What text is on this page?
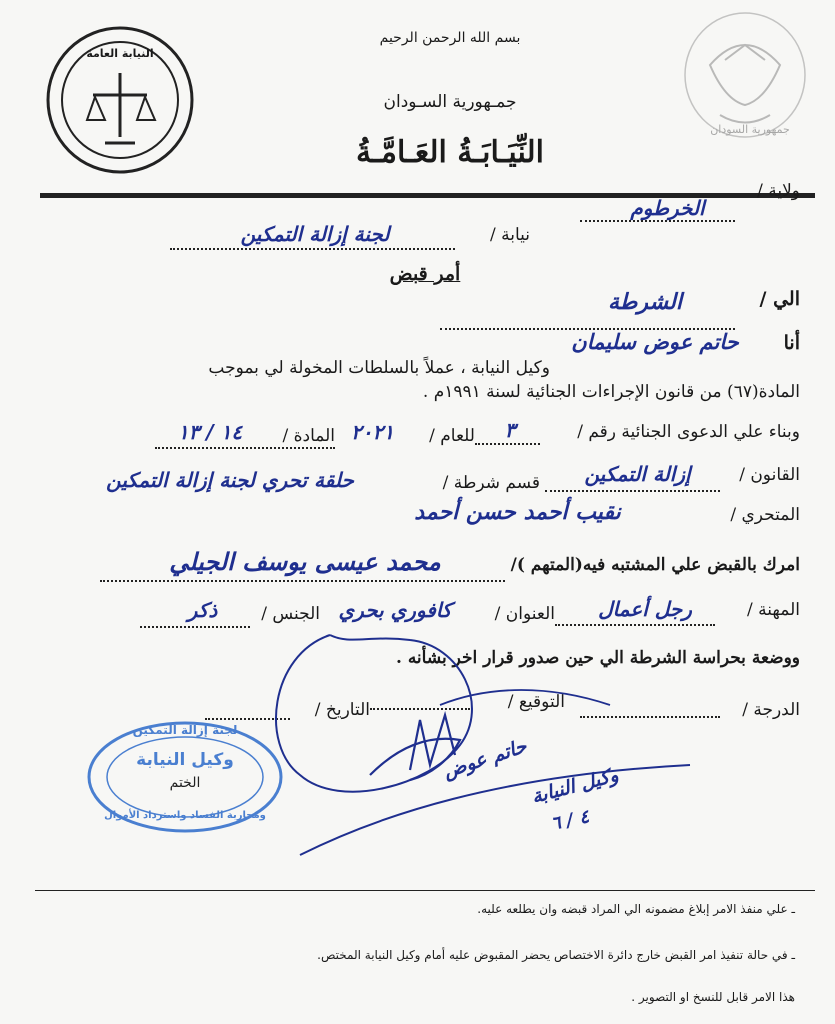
النيابة العامة
جمهورية السودان
بسم الله الرحمن الرحيم
جمـهورية السـودان
النِّيَـابَـةُ العَـامَّـةُ
ولاية /
الخرطوم
نيابة /
لجنة إزالة التمكين
أمر قبض
الي /
الشرطة
أنا
حاتم عوض سليمان
وكيل النيابة ، عملاً بالسلطات المخولة لي بموجب
المادة(٦٧) من قانون الإجراءات الجنائية لسنة ١٩٩١م .
وبناء علي الدعوى الجنائية رقم /
٣
للعام /
٢٠٢١
المادة /
١٤ / ١٣
القانون /
إزالة التمكين
قسم شرطة /
حلقة تحري لجنة إزالة التمكين
المتحري /
نقيب أحمد حسن أحمد
امرك بالقبض علي المشتبه فيه(المتهم )/
محمد عيسى يوسف الجيلي
المهنة /
رجل أعمال
العنوان /
كافوري بحري
الجنس /
ذكر
ووضعة بحراسة الشرطة الي حين صدور قرار اخر بشأنه .
الدرجة /
التوقيع /
التاريخ /
لجنة إزالة التمكين
وكيل النيابة
الختم
ومحاربة الفساد واسترداد الأموال
حاتم عوض
وكيل النيابة
٤ / ٦
ـ علي منفذ الامر إبلاغ مضمونه الي المراد قبضه وان يطلعه عليه.
ـ في حالة تنفيذ امر القبض خارج دائرة الاختصاص يحضر المقبوض عليه أمام وكيل النيابة المختص.
هذا الامر قابل للنسخ او التصوير .
